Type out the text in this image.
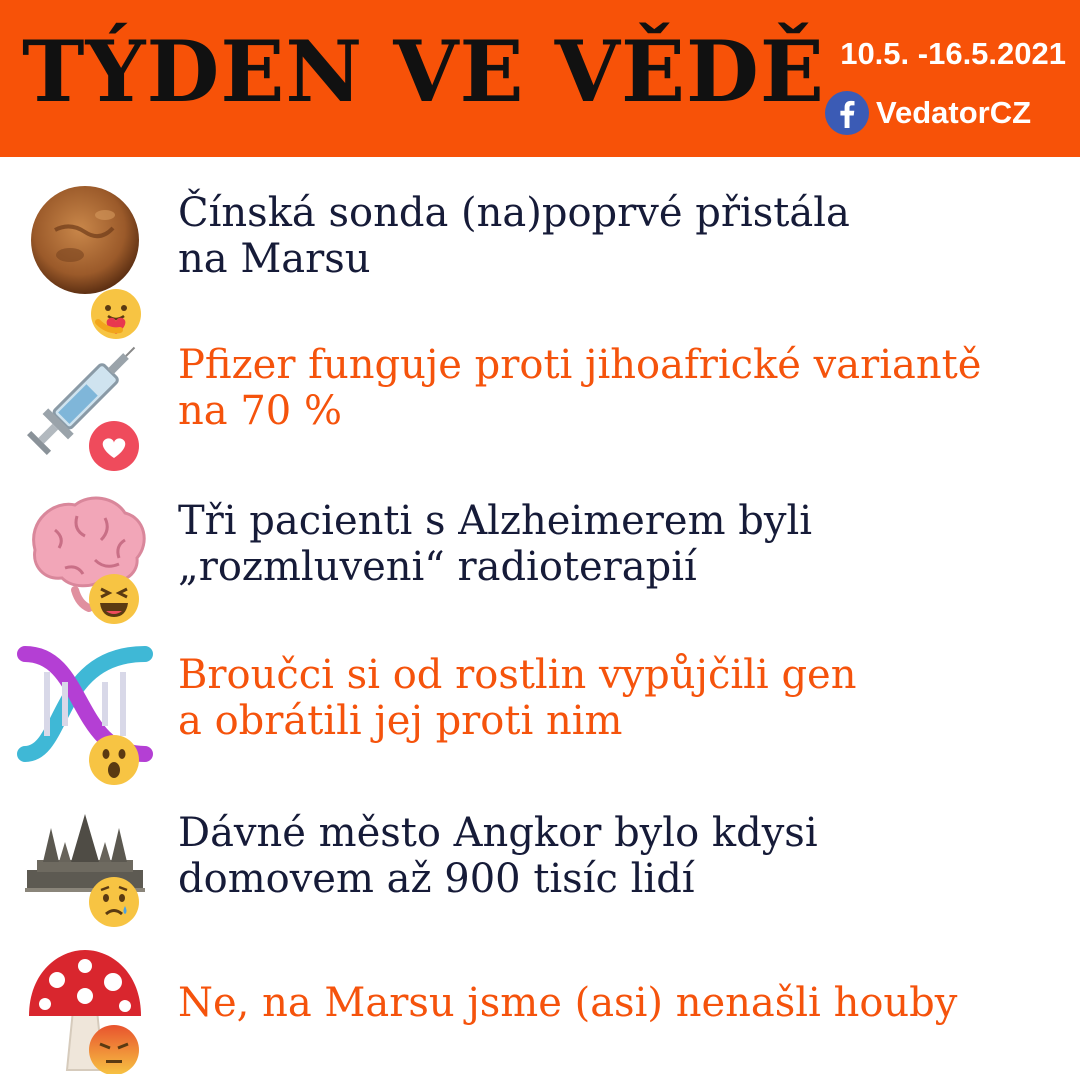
TÝDEN VE VĚDĚ 10.5. -16.5.2021
VedatorCZ
Čínská sonda (na)poprvé přistála
na Marsu
Pfizer funguje proti jihoafrické variantě
na 70 %
Tři pacienti s Alzheimerem byli
„rozmluveni“ radioterapií
Broučci si od rostlin vypůjčili gen
a obrátili jej proti nim
Dávné město Angkor bylo kdysi
domovem až 900 tisíc lidí
Ne, na Marsu jsme (asi) nenašli houby
